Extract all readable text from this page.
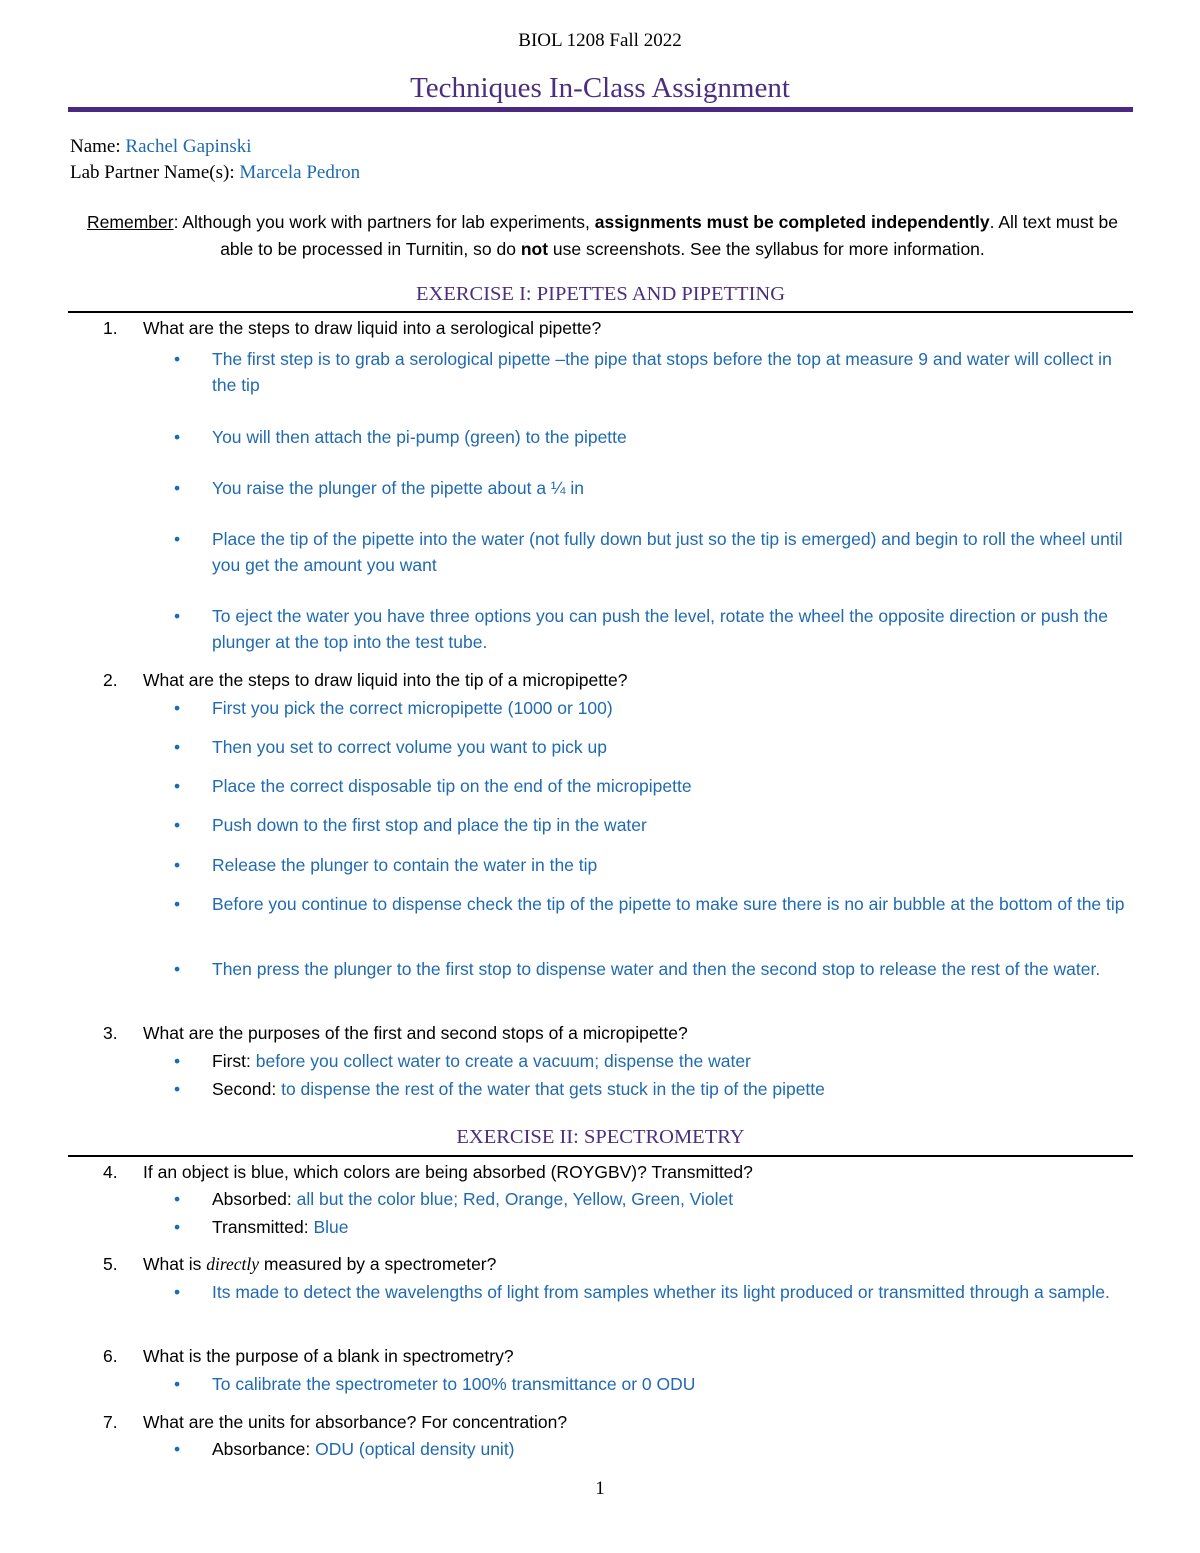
BIOL 1208 Fall 2022
Techniques In-Class Assignment
Name: Rachel Gapinski
Lab Partner Name(s): Marcela Pedron
Remember: Although you work with partners for lab experiments, assignments must be completed independently. All text must be able to be processed in Turnitin, so do not use screenshots. See the syllabus for more information.
EXERCISE I: PIPETTES AND PIPETTING
1. What are the steps to draw liquid into a serological pipette?
• The first step is to grab a serological pipette –the pipe that stops before the top at measure 9 and water will collect in the tip
• You will then attach the pi-pump (green) to the pipette
• You raise the plunger of the pipette about a ¼ in
• Place the tip of the pipette into the water (not fully down but just so the tip is emerged) and begin to roll the wheel until you get the amount you want
• To eject the water you have three options you can push the level, rotate the wheel the opposite direction or push the plunger at the top into the test tube.
2. What are the steps to draw liquid into the tip of a micropipette?
• First you pick the correct micropipette (1000 or 100)
• Then you set to correct volume you want to pick up
• Place the correct disposable tip on the end of the micropipette
• Push down to the first stop and place the tip in the water
• Release the plunger to contain the water in the tip
• Before you continue to dispense check the tip of the pipette to make sure there is no air bubble at the bottom of the tip
• Then press the plunger to the first stop to dispense water and then the second stop to release the rest of the water.
3. What are the purposes of the first and second stops of a micropipette?
• First: before you collect water to create a vacuum; dispense the water
• Second: to dispense the rest of the water that gets stuck in the tip of the pipette
EXERCISE II: SPECTROMETRY
4. If an object is blue, which colors are being absorbed (ROYGBV)? Transmitted?
• Absorbed: all but the color blue; Red, Orange, Yellow, Green, Violet
• Transmitted: Blue
5. What is directly measured by a spectrometer?
• Its made to detect the wavelengths of light from samples whether its light produced or transmitted through a sample.
6. What is the purpose of a blank in spectrometry?
• To calibrate the spectrometer to 100% transmittance or 0 ODU
7. What are the units for absorbance? For concentration?
• Absorbance: ODU (optical density unit)
1
